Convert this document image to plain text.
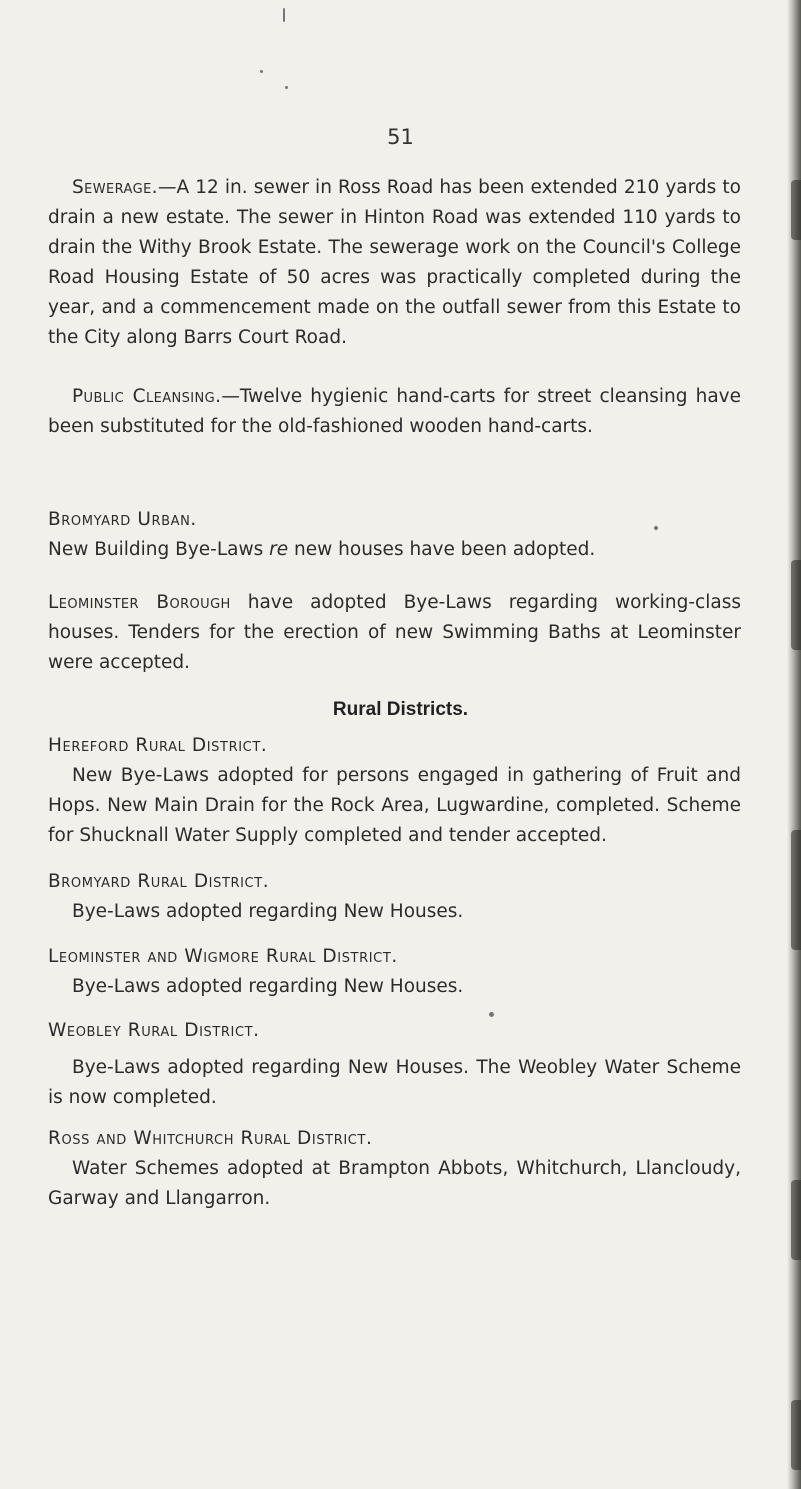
51

Sewerage.—A 12 in. sewer in Ross Road has been extended 210 yards to drain a new estate. The sewer in Hinton Road was extended 110 yards to drain the Withy Brook Estate. The sewerage work on the Council's College Road Housing Estate of 50 acres was practically completed during the year, and a commencement made on the outfall sewer from this Estate to the City along Barrs Court Road.

Public Cleansing.—Twelve hygienic hand-carts for street cleansing have been substituted for the old-fashioned wooden hand-carts.

Bromyard Urban.

New Building Bye-Laws re new houses have been adopted.

Leominster Borough have adopted Bye-Laws regarding working-class houses. Tenders for the erection of new Swimming Baths at Leominster were accepted.

Rural Districts.
Hereford Rural District.

New Bye-Laws adopted for persons engaged in gathering of Fruit and Hops. New Main Drain for the Rock Area, Lugwardine, completed. Scheme for Shucknall Water Supply completed and tender accepted.

Bromyard Rural District.

Bye-Laws adopted regarding New Houses.

Leominster and Wigmore Rural District.

Bye-Laws adopted regarding New Houses.

Weobley Rural District.

Bye-Laws adopted regarding New Houses. The Weobley Water Scheme is now completed.

Ross and Whitchurch Rural District.

Water Schemes adopted at Brampton Abbots, Whitchurch, Llancloudy, Garway and Llangarron.
